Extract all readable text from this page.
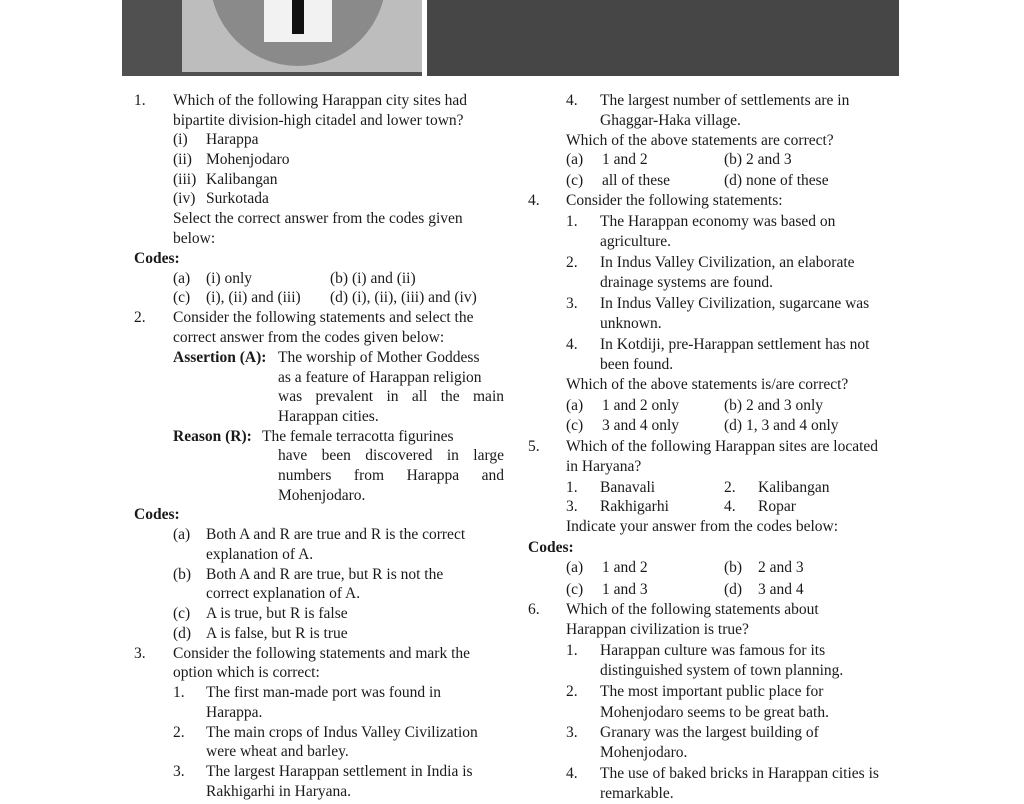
1. Which of the following Harappan city sites had
bipartite division-high citadel and lower town?
(i) Harappa
(ii) Mohenjodaro
(iii) Kalibangan
(iv) Surkotada
Select the correct answer from the codes given
below:
Codes:
(a) (i) only	(b) (i) and (ii)
(c) (i), (ii) and (iii) (d) (i), (ii), (iii) and (iv)
2. Consider the following statements and select the
correct answer from the codes given below:
Assertion (A): The worship of Mother Goddess
as a feature of Harappan religion
was prevalent in all the main
Harappan cities.
Reason (R): The female terracotta figurines
have been discovered in large
numbers from Harappa and
Mohenjodaro.
Codes:
(a) Both A and R are true and R is the correct
explanation of A.
(b) Both A and R are true, but R is not the
correct explanation of A.
(c) A is true, but R is false
(d) A is false, but R is true
3. Consider the following statements and mark the
option which is correct:
1. The first man-made port was found in
Harappa.
2. The main crops of Indus Valley Civilization
were wheat and barley.
3. The largest Harappan settlement in India is
Rakhigarhi in Haryana.
4. The largest number of settlements are in
Ghaggar-Haka village.
Which of the above statements are correct?
(a) 1 and 2	(b) 2 and 3
(c) all of these	(d) none of these
4. Consider the following statements:
1. The Harappan economy was based on
agriculture.
2. In Indus Valley Civilization, an elaborate
drainage systems are found.
3. In Indus Valley Civilization, sugarcane was
unknown.
4. In Kotdiji, pre-Harappan settlement has not
been found.
Which of the above statements is/are correct?
(a) 1 and 2 only	(b) 2 and 3 only
(c) 3 and 4 only	(d) 1, 3 and 4 only
5. Which of the following Harappan sites are located
in Haryana?
1. Banavali	2. Kalibangan
3. Rakhigarhi	4. Ropar
Indicate your answer from the codes below:
Codes:
(a) 1 and 2	(b) 2 and 3
(c) 1 and 3	(d) 3 and 4
6. Which of the following statements about
Harappan civilization is true?
1. Harappan culture was famous for its
distinguished system of town planning.
2. The most important public place for
Mohenjodaro seems to be great bath.
3. Granary was the largest building of
Mohenjodaro.
4. The use of baked bricks in Harappan cities is
remarkable.
